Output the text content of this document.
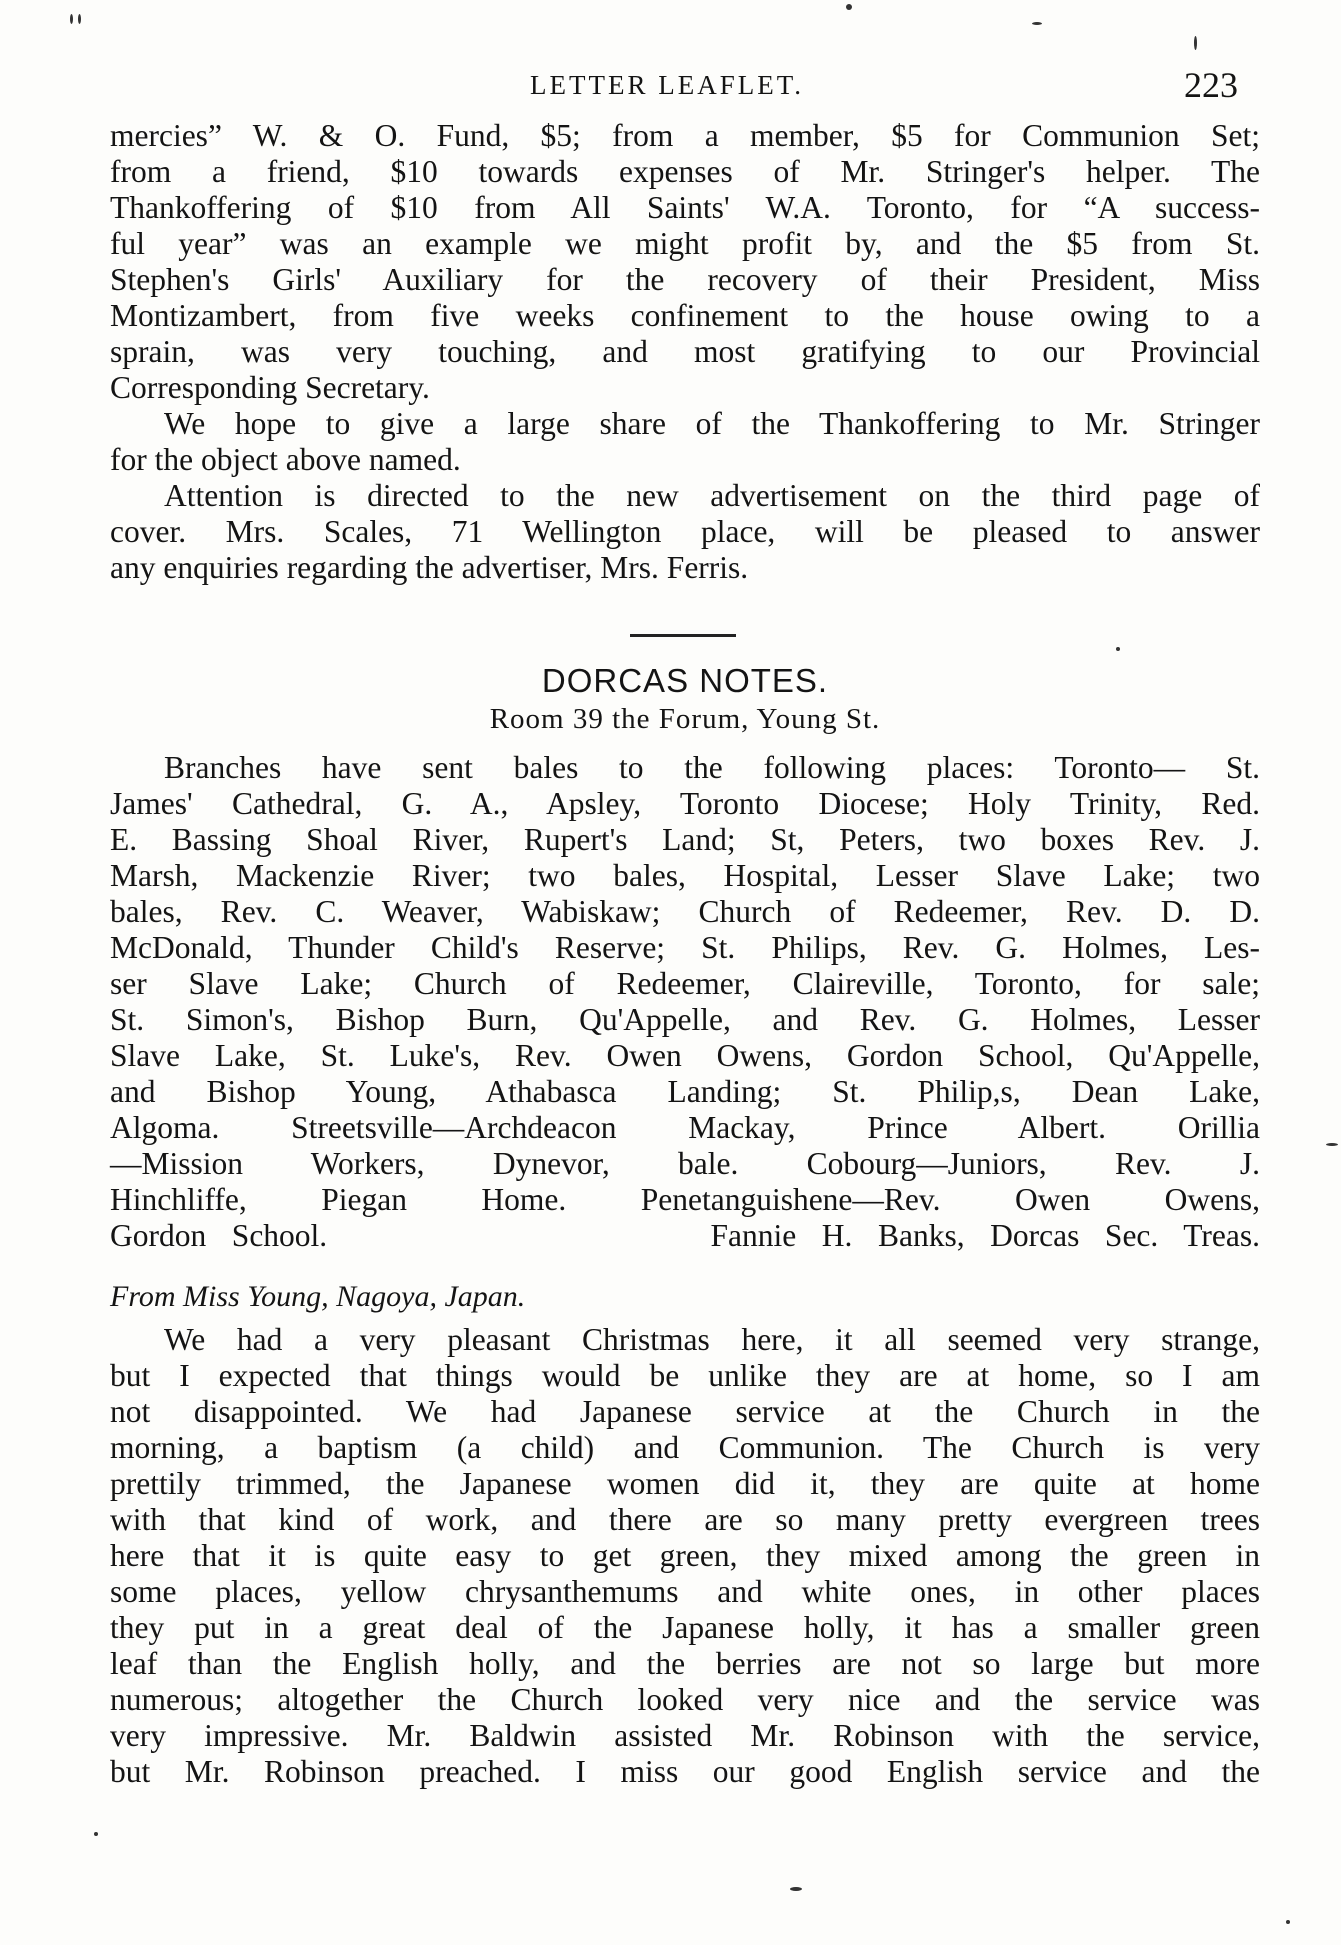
LETTER LEAFLET.	223
mercies” W. & O. Fund, $5; from a member, $5 for Communion Set;
from a friend, $10 towards expenses of Mr. Stringer's helper. The
Thankoffering of $10 from All Saints' W.A. Toronto, for “A success-
ful year” was an example we might profit by, and the $5 from St.
Stephen's Girls' Auxiliary for the recovery of their President, Miss
Montizambert, from five weeks confinement to the house owing to a
sprain, was very touching, and most gratifying to our Provincial
Corresponding Secretary.
We hope to give a large share of the Thankoffering to Mr. Stringer
for the object above named.
Attention is directed to the new advertisement on the third page of
cover. Mrs. Scales, 71 Wellington place, will be pleased to answer
any enquiries regarding the advertiser, Mrs. Ferris.
DORCAS NOTES.
Room 39 the Forum, Young St.
Branches have sent bales to the following places: Toronto— St.
James' Cathedral, G. A., Apsley, Toronto Diocese; Holy Trinity, Red.
E. Bassing Shoal River, Rupert's Land; St, Peters, two boxes Rev. J.
Marsh, Mackenzie River; two bales, Hospital, Lesser Slave Lake; two
bales, Rev. C. Weaver, Wabiskaw; Church of Redeemer, Rev. D. D.
McDonald, Thunder Child's Reserve; St. Philips, Rev. G. Holmes, Les-
ser Slave Lake; Church of Redeemer, Claireville, Toronto, for sale;
St. Simon's, Bishop Burn, Qu'Appelle, and Rev. G. Holmes, Lesser
Slave Lake, St. Luke's, Rev. Owen Owens, Gordon School, Qu'Appelle,
and Bishop Young, Athabasca Landing; St. Philip,s, Dean Lake,
Algoma. Streetsville—Archdeacon Mackay, Prince Albert. Orillia
—Mission Workers, Dynevor, bale. Cobourg—Juniors, Rev. J.
Hinchliffe, Piegan Home. Penetanguishene—Rev. Owen Owens,
Gordon School.               Fannie H. Banks, Dorcas Sec. Treas.
From Miss Young, Nagoya, Japan.
We had a very pleasant Christmas here, it all seemed very strange,
but I expected that things would be unlike they are at home, so I am
not disappointed. We had Japanese service at the Church in the
morning, a baptism (a child) and Communion. The Church is very
prettily trimmed, the Japanese women did it, they are quite at home
with that kind of work, and there are so many pretty evergreen trees
here that it is quite easy to get green, they mixed among the green in
some places, yellow chrysanthemums and white ones, in other places
they put in a great deal of the Japanese holly, it has a smaller green
leaf than the English holly, and the berries are not so large but more
numerous; altogether the Church looked very nice and the service was
very impressive. Mr. Baldwin assisted Mr. Robinson with the service,
but Mr. Robinson preached. I miss our good English service and the
